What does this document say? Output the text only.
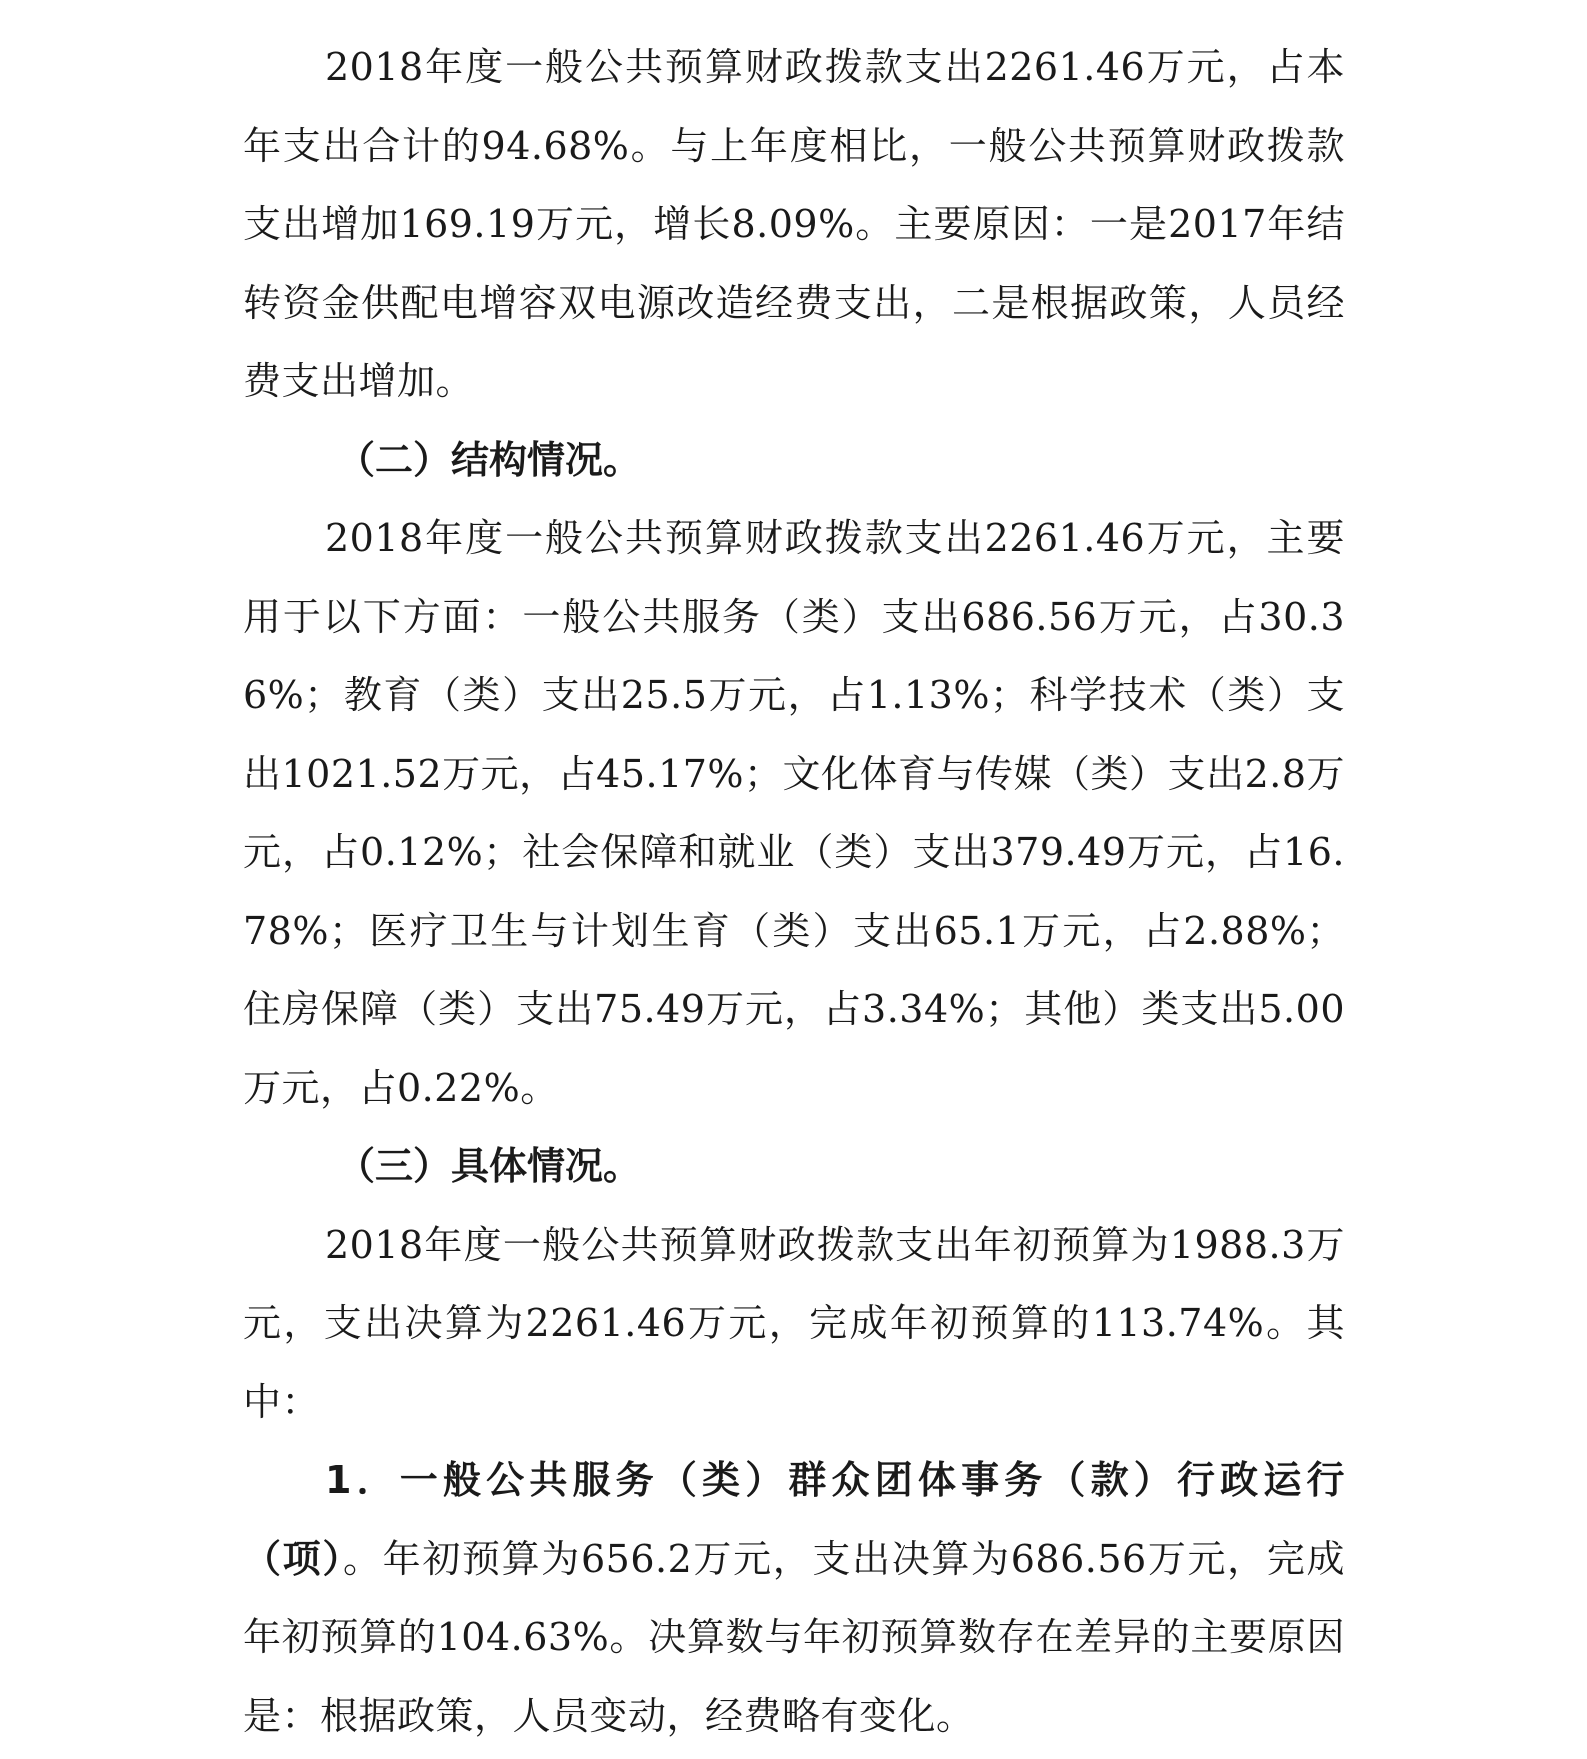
2018年度一般公共预算财政拨款支出2261.46万元，占本年支出合计的94.68%。与上年度相比，一般公共预算财政拨款支出增加169.19万元，增长8.09%。主要原因：一是2017年结转资金供配电增容双电源改造经费支出，二是根据政策，人员经费支出增加。

（二）结构情况。

2018年度一般公共预算财政拨款支出2261.46万元，主要用于以下方面：一般公共服务（类）支出686.56万元，占30.36%；教育（类）支出25.5万元，占1.13%；科学技术（类）支出1021.52万元，占45.17%；文化体育与传媒（类）支出2.8万元，占0.12%；社会保障和就业（类）支出379.49万元，占16.78%；医疗卫生与计划生育（类）支出65.1万元，占2.88%；住房保障（类）支出75.49万元，占3.34%；其他）类支出5.00万元，占0.22%。

（三）具体情况。

2018年度一般公共预算财政拨款支出年初预算为1988.3万元，支出决算为2261.46万元，完成年初预算的113.74%。其中：

1．一般公共服务（类）群众团体事务（款）行政运行（项）。年初预算为656.2万元，支出决算为686.56万元，完成年初预算的104.63%。决算数与年初预算数存在差异的主要原因是：根据政策，人员变动，经费略有变化。
